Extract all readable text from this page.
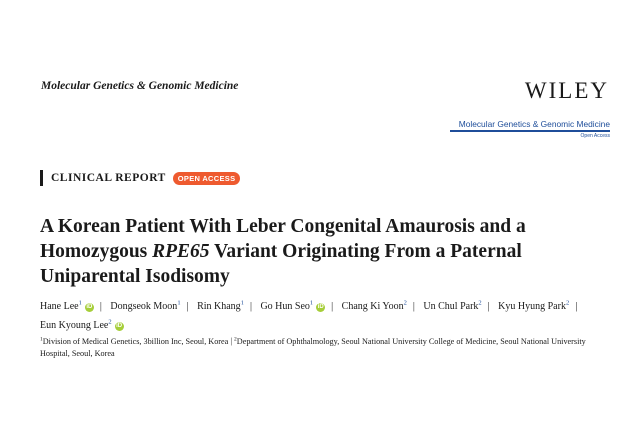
Molecular Genetics & Genomic Medicine	WILEY
Molecular Genetics & Genomic Medicine
Open Access
CLINICAL REPORT	OPEN ACCESS
A Korean Patient With Leber Congenital Amaurosis and a Homozygous RPE65 Variant Originating From a Paternal Uniparental Isodisomy
Hane Lee$^1$iD | Dongseok Moon$^1$ | Rin Khang$^1$ | Go Hun Seo$^1$iD | Chang Ki Yoon$^2$ | Un Chul Park$^2$ | Kyu Hyung Park$^2$ | Eun Kyoung Lee$^2$iD
$^1$Division of Medical Genetics, 3billion Inc, Seoul, Korea | $^2$Department of Ophthalmology, Seoul National University College of Medicine, Seoul National University Hospital, Seoul, Korea
